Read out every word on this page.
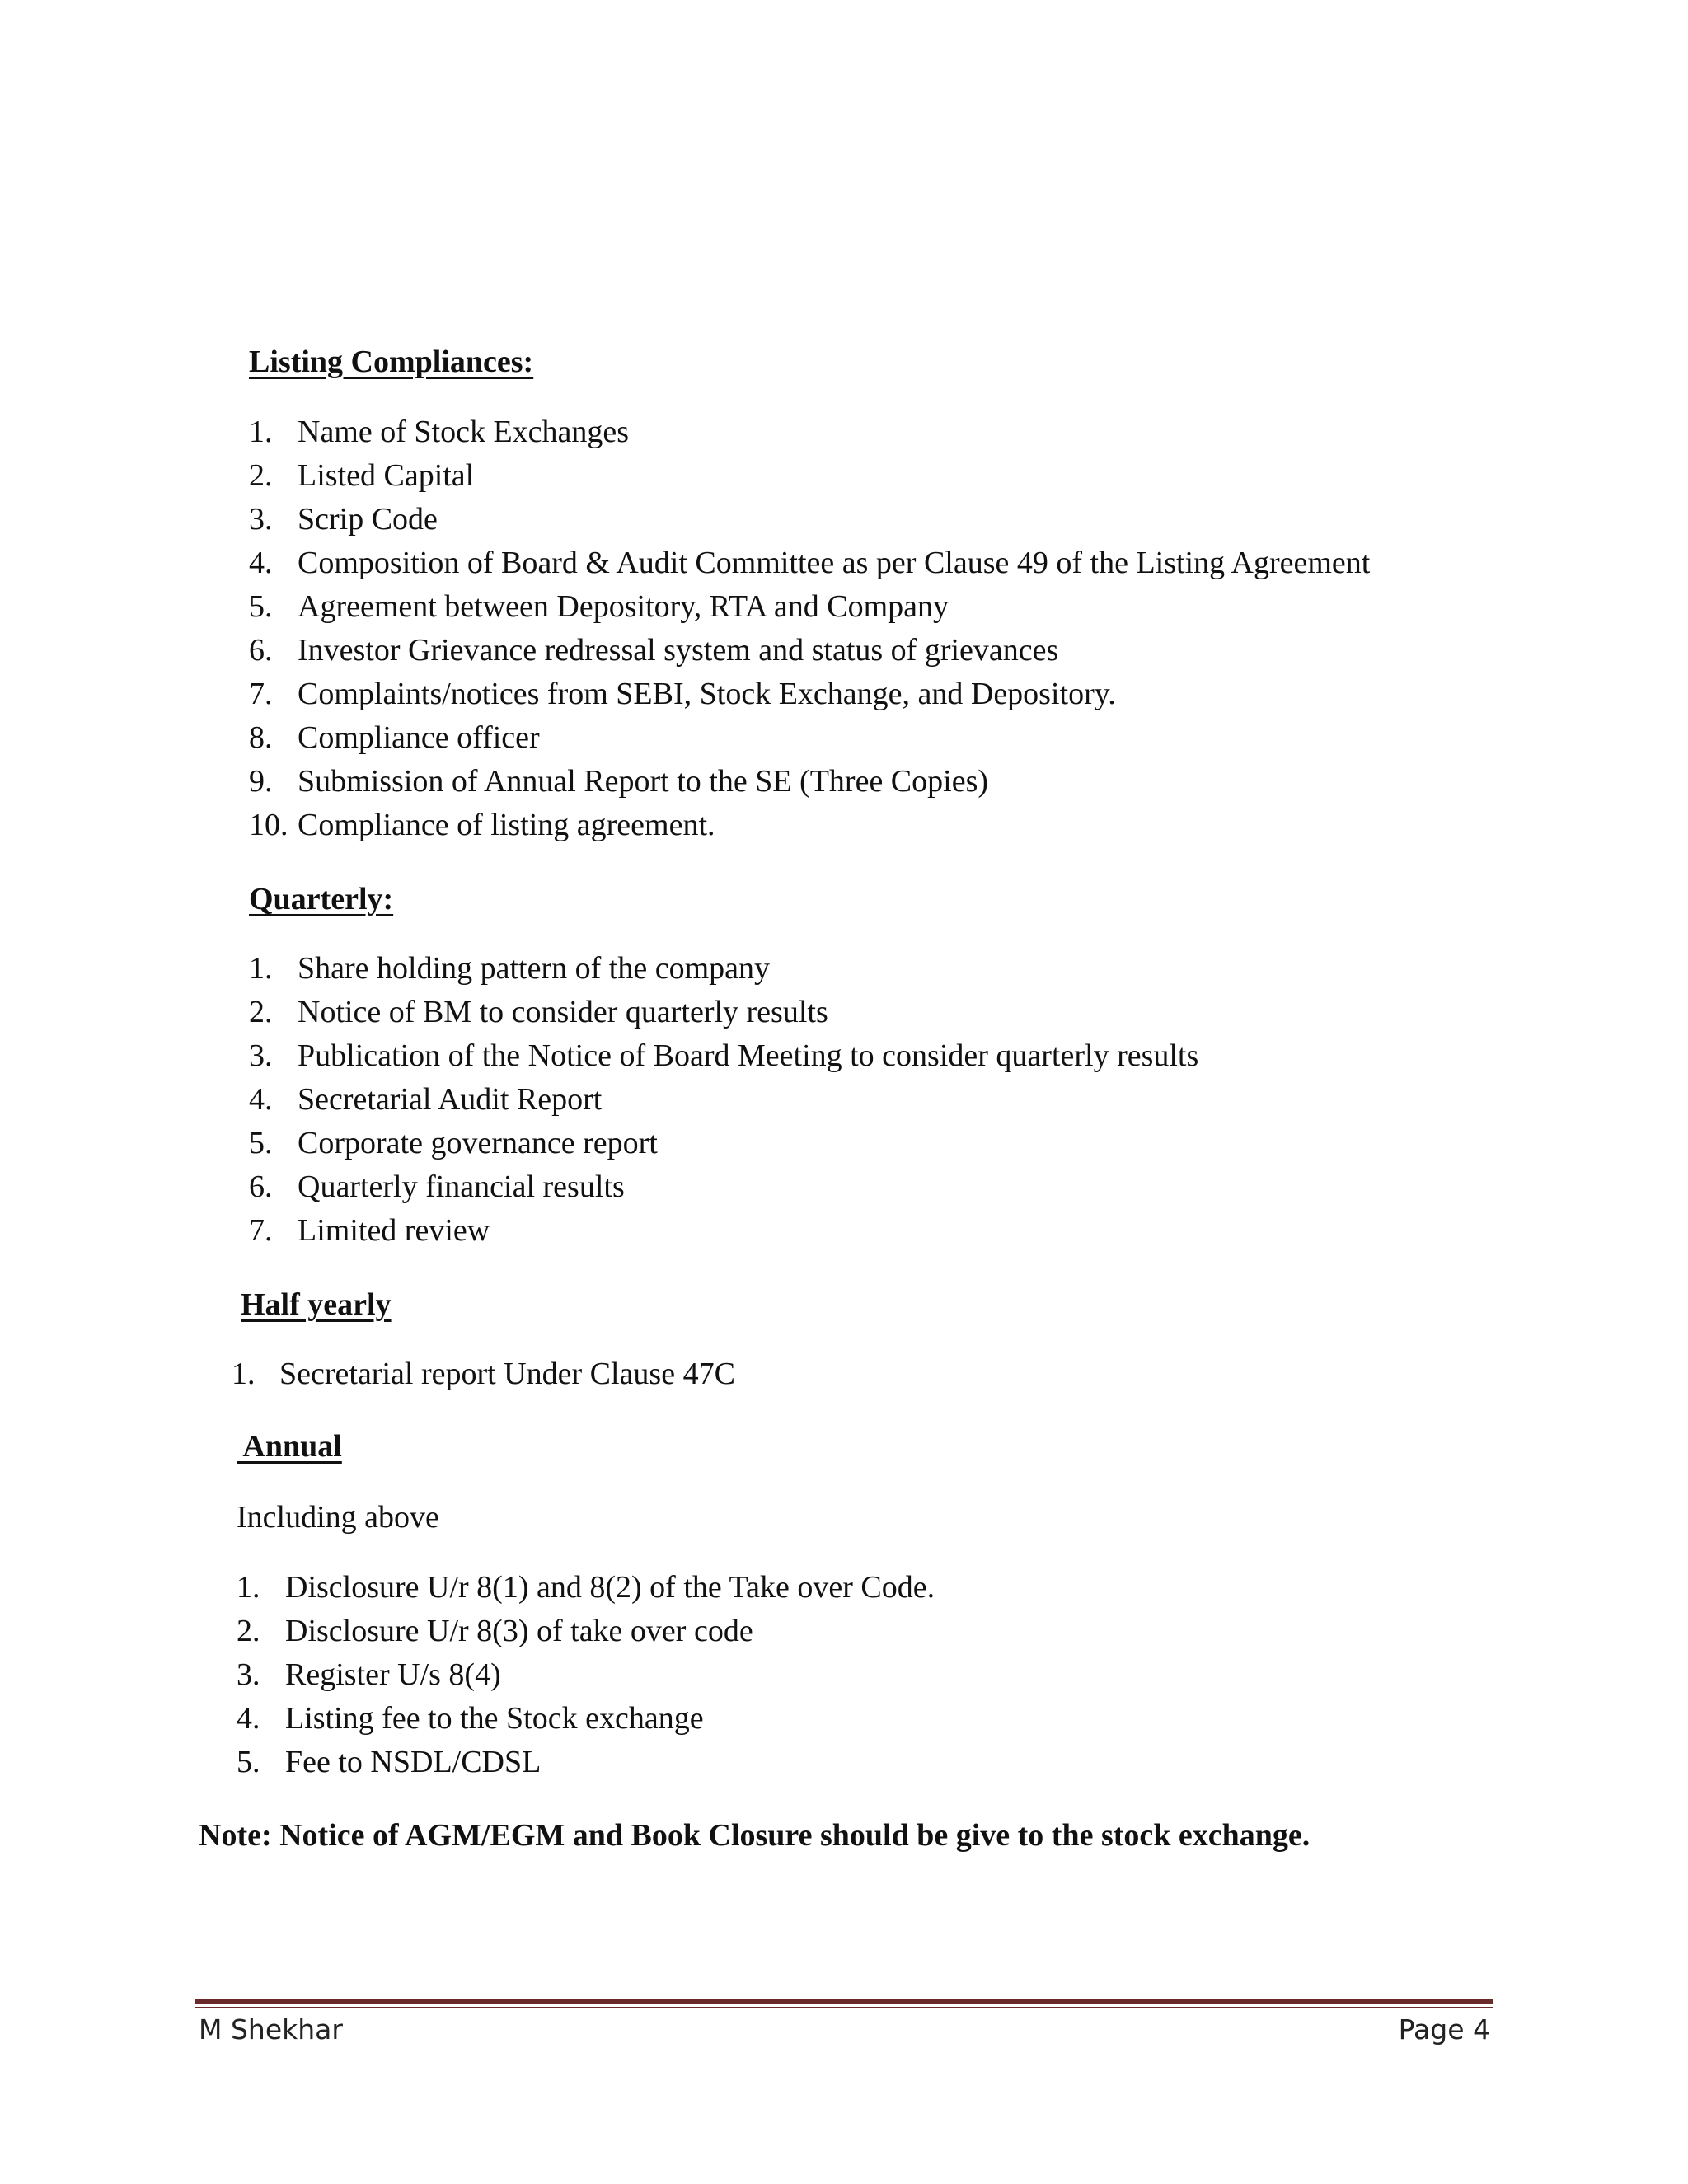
Listing Compliances:
1. Name of Stock Exchanges
2. Listed Capital
3. Scrip Code
4. Composition of Board & Audit Committee as per Clause 49 of the Listing Agreement
5. Agreement between Depository, RTA and Company
6. Investor Grievance redressal system and status of grievances
7. Complaints/notices from SEBI, Stock Exchange, and Depository.
8. Compliance officer
9. Submission of Annual Report to the SE (Three Copies)
10. Compliance of listing agreement.
Quarterly:
1. Share holding pattern of the company
2. Notice of BM to consider quarterly results
3. Publication of the Notice of Board Meeting to consider quarterly results
4. Secretarial Audit Report
5. Corporate governance report
6. Quarterly financial results
7. Limited review
Half yearly
1. Secretarial report Under Clause 47C
Annual
Including above
1. Disclosure U/r 8(1) and 8(2) of the Take over Code.
2. Disclosure U/r 8(3) of take over code
3. Register U/s 8(4)
4. Listing fee to the Stock exchange
5. Fee to NSDL/CDSL
Note: Notice of AGM/EGM and Book Closure should be give to the stock exchange.
M Shekhar	Page 4
